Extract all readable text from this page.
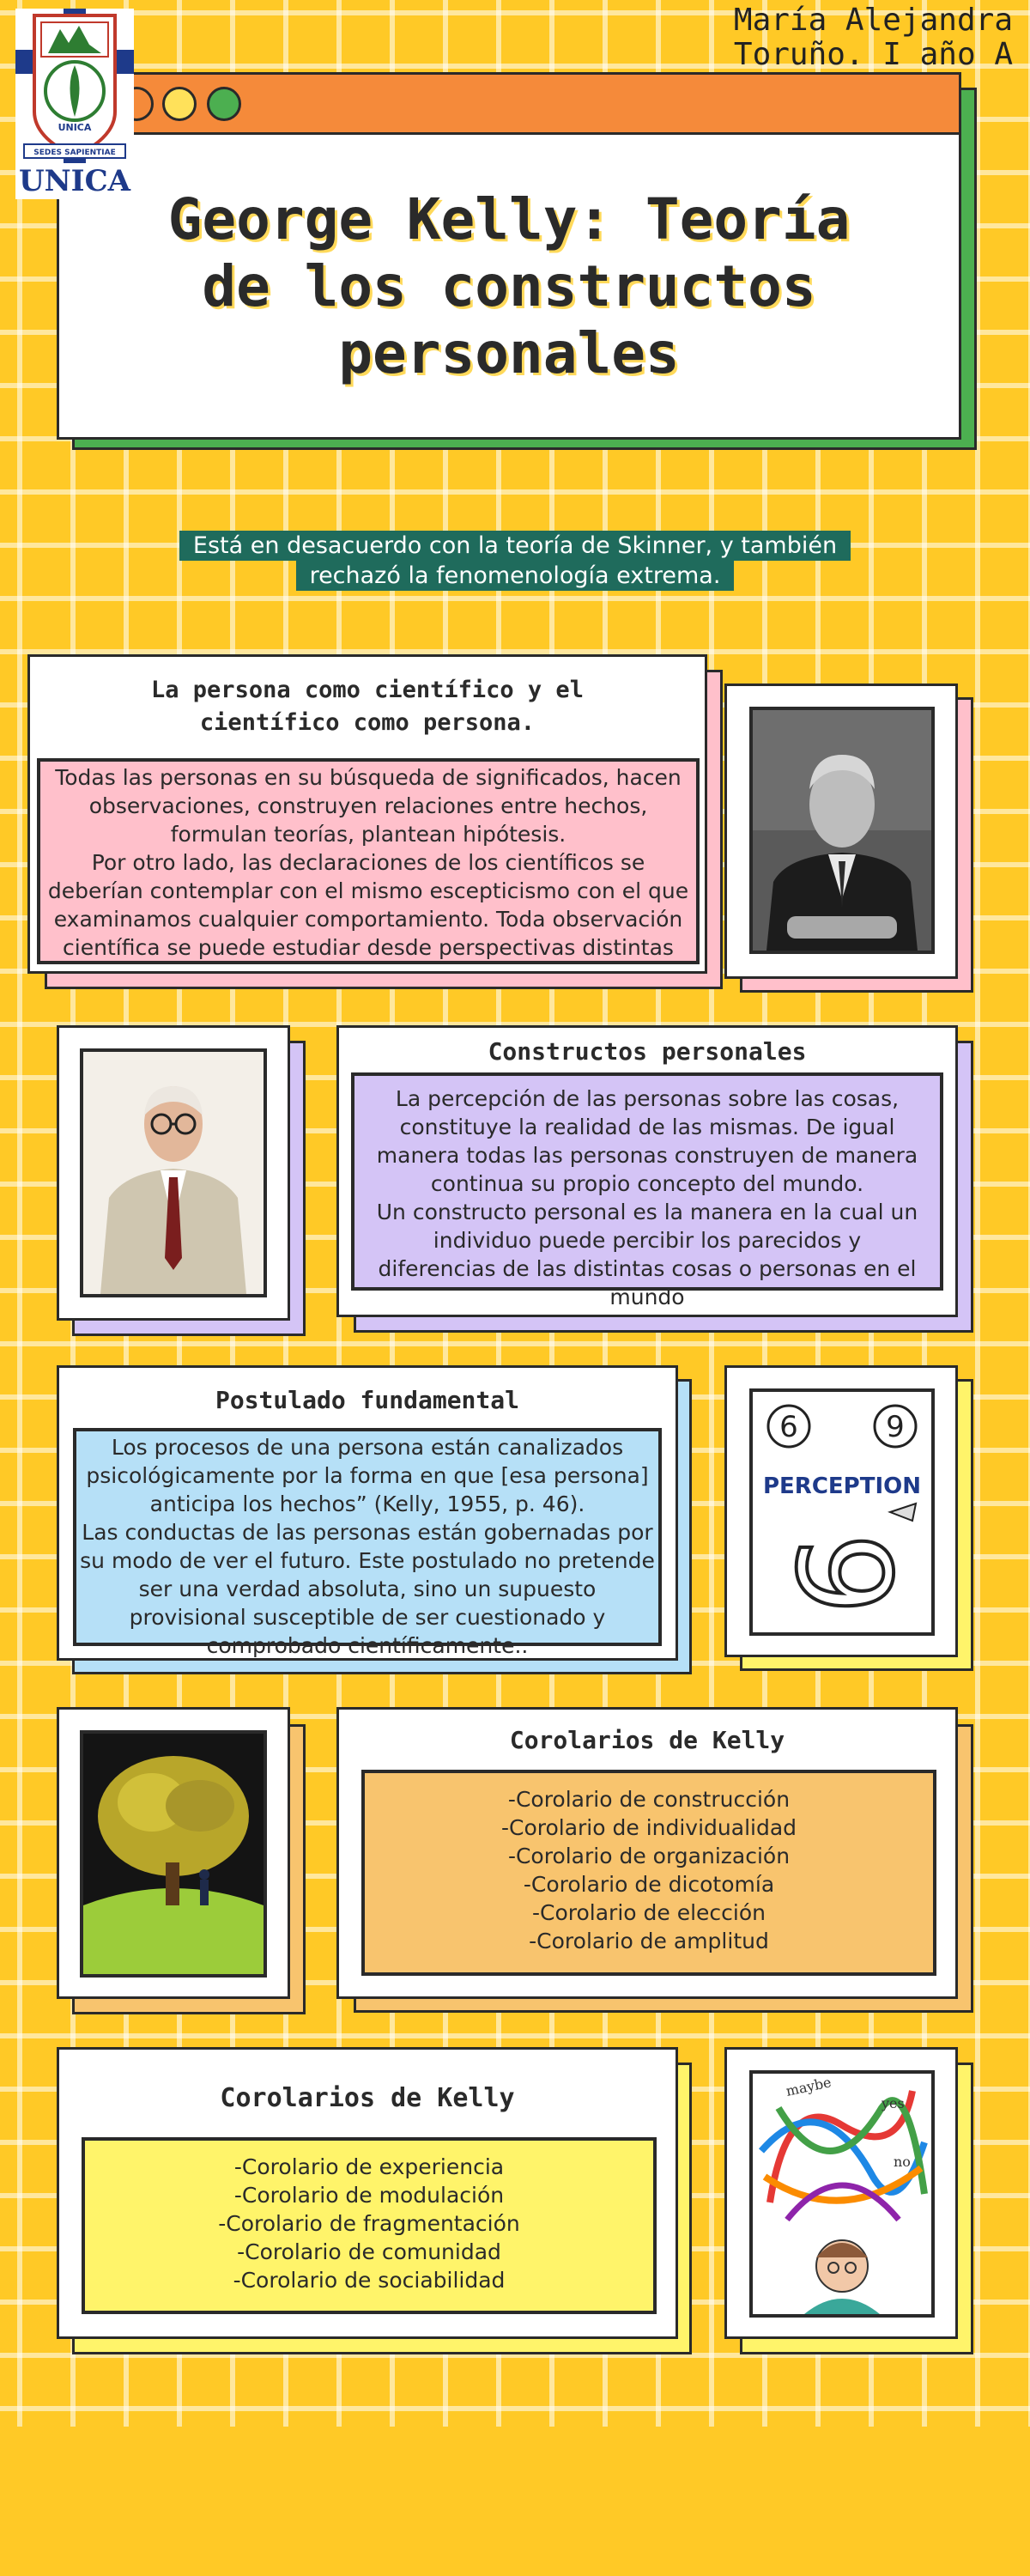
María Alejandra
Toruño. I año A
George Kelly: Teoría
de los constructos
personales
UNICA
SEDES SAPIENTIAE
UNICA
Está en desacuerdo con la teoría de Skinner, y también rechazó la fenomenología extrema.
La persona como científico y el
científico como persona.

Todas las personas en su búsqueda de significados, hacen observaciones, construyen relaciones entre hechos, formulan teorías, plantean hipótesis.

Por otro lado, las declaraciones de los científicos se deberían contemplar con el mismo escepticismo con el que examinamos cualquier comportamiento. Toda observación científica se puede estudiar desde perspectivas distintas

Constructos personales

La percepción de las personas sobre las cosas, constituye la realidad de las mismas. De igual manera todas las personas construyen de manera continua su propio concepto del mundo.

Un constructo personal es la manera en la cual un individuo puede percibir los parecidos y diferencias de las distintas cosas o personas en el mundo

Postulado fundamental

Los procesos de una persona están canalizados psicológicamente por la forma en que [esa persona] anticipa los hechos” (Kelly, 1955, p. 46).

Las conductas de las personas están gobernadas por su modo de ver el futuro. Este postulado no pretende ser una verdad absoluta, sino un supuesto provisional susceptible de ser cuestionado y comprobado científicamente..

6	9
PERCEPTION
6
Corolarios de Kelly
-Corolario de construcción
-Corolario de individualidad
-Corolario de organización
-Corolario de dicotomía
-Corolario de elección
-Corolario de amplitud
Corolarios de Kelly
-Corolario de experiencia
-Corolario de modulación
-Corolario de fragmentación
-Corolario de comunidad
-Corolario de sociabilidad
maybe
yes
no
